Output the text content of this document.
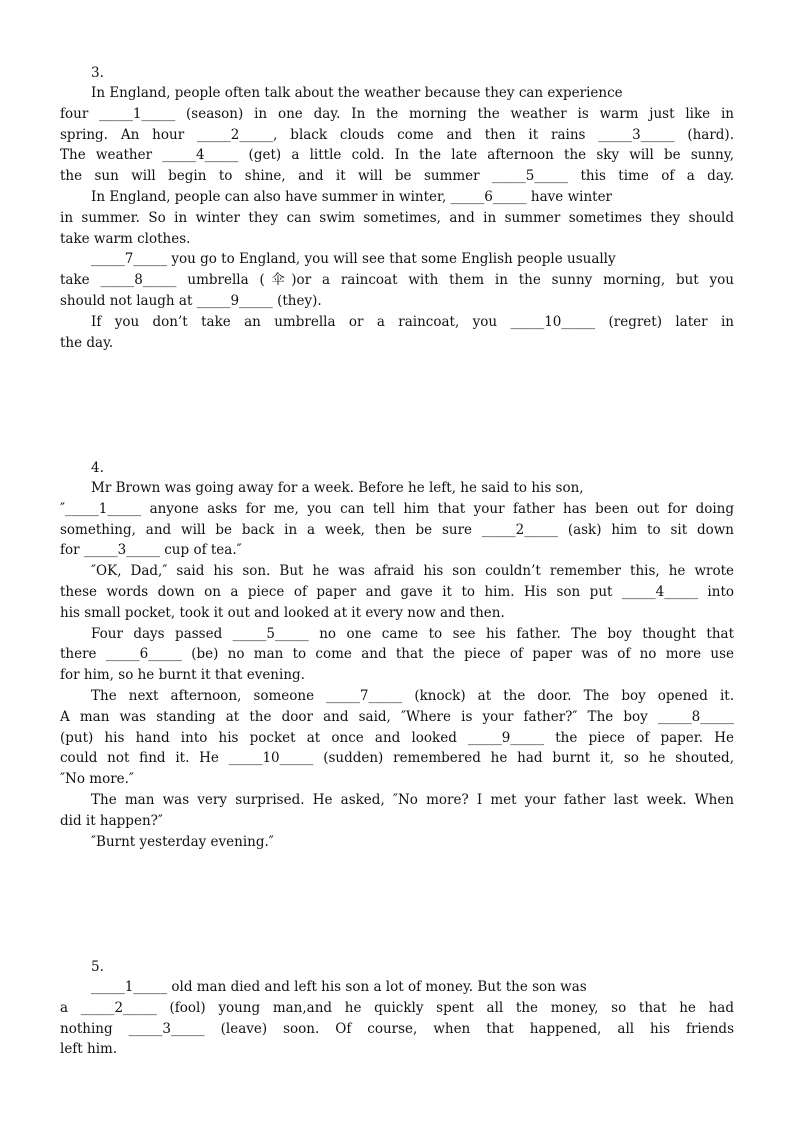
3.
In England, people often talk about the weather because they can experience
four _____1_____ (season) in one day. In the morning the weather is warm just like in
spring. An hour _____2_____, black clouds come and then it rains _____3_____ (hard).
The weather _____4_____ (get) a little cold. In the late afternoon the sky will be sunny,
the sun will begin to shine, and it will be summer _____5_____ this time of a day.
In England, people can also have summer in winter, _____6_____ have winter
in summer. So in winter they can swim sometimes, and in summer sometimes they should
take warm clothes.
_____7_____ you go to England, you will see that some English people usually
take _____8_____ umbrella (伞)or a raincoat with them in the sunny morning, but you
should not laugh at _____9_____ (they).
If you don’t take an umbrella or a raincoat, you _____10_____ (regret) later in
the day.
4.
Mr Brown was going away for a week. Before he left, he said to his son,
″_____1_____ anyone asks for me, you can tell him that your father has been out for doing
something, and will be back in a week, then be sure _____2_____ (ask) him to sit down
for _____3_____ cup of tea.″
″OK, Dad,″ said his son. But he was afraid his son couldn’t remember this, he wrote
these words down on a piece of paper and gave it to him. His son put _____4_____ into
his small pocket, took it out and looked at it every now and then.
Four days passed _____5_____ no one came to see his father. The boy thought that
there _____6_____ (be) no man to come and that the piece of paper was of no more use
for him, so he burnt it that evening.
The next afternoon, someone _____7_____ (knock) at the door. The boy opened it.
A man was standing at the door and said, ″Where is your father?″ The boy _____8_____
(put) his hand into his pocket at once and looked _____9_____ the piece of paper. He
could not find it. He _____10_____ (sudden) remembered he had burnt it, so he shouted,
″No more.″
The man was very surprised. He asked, ″No more? I met your father last week. When
did it happen?″
″Burnt yesterday evening.″
5.
_____1_____ old man died and left his son a lot of money. But the son was
a _____2_____ (fool) young man,and he quickly spent all the money, so that he had
nothing _____3_____ (leave) soon. Of course, when that happened, all his friends
left him.
